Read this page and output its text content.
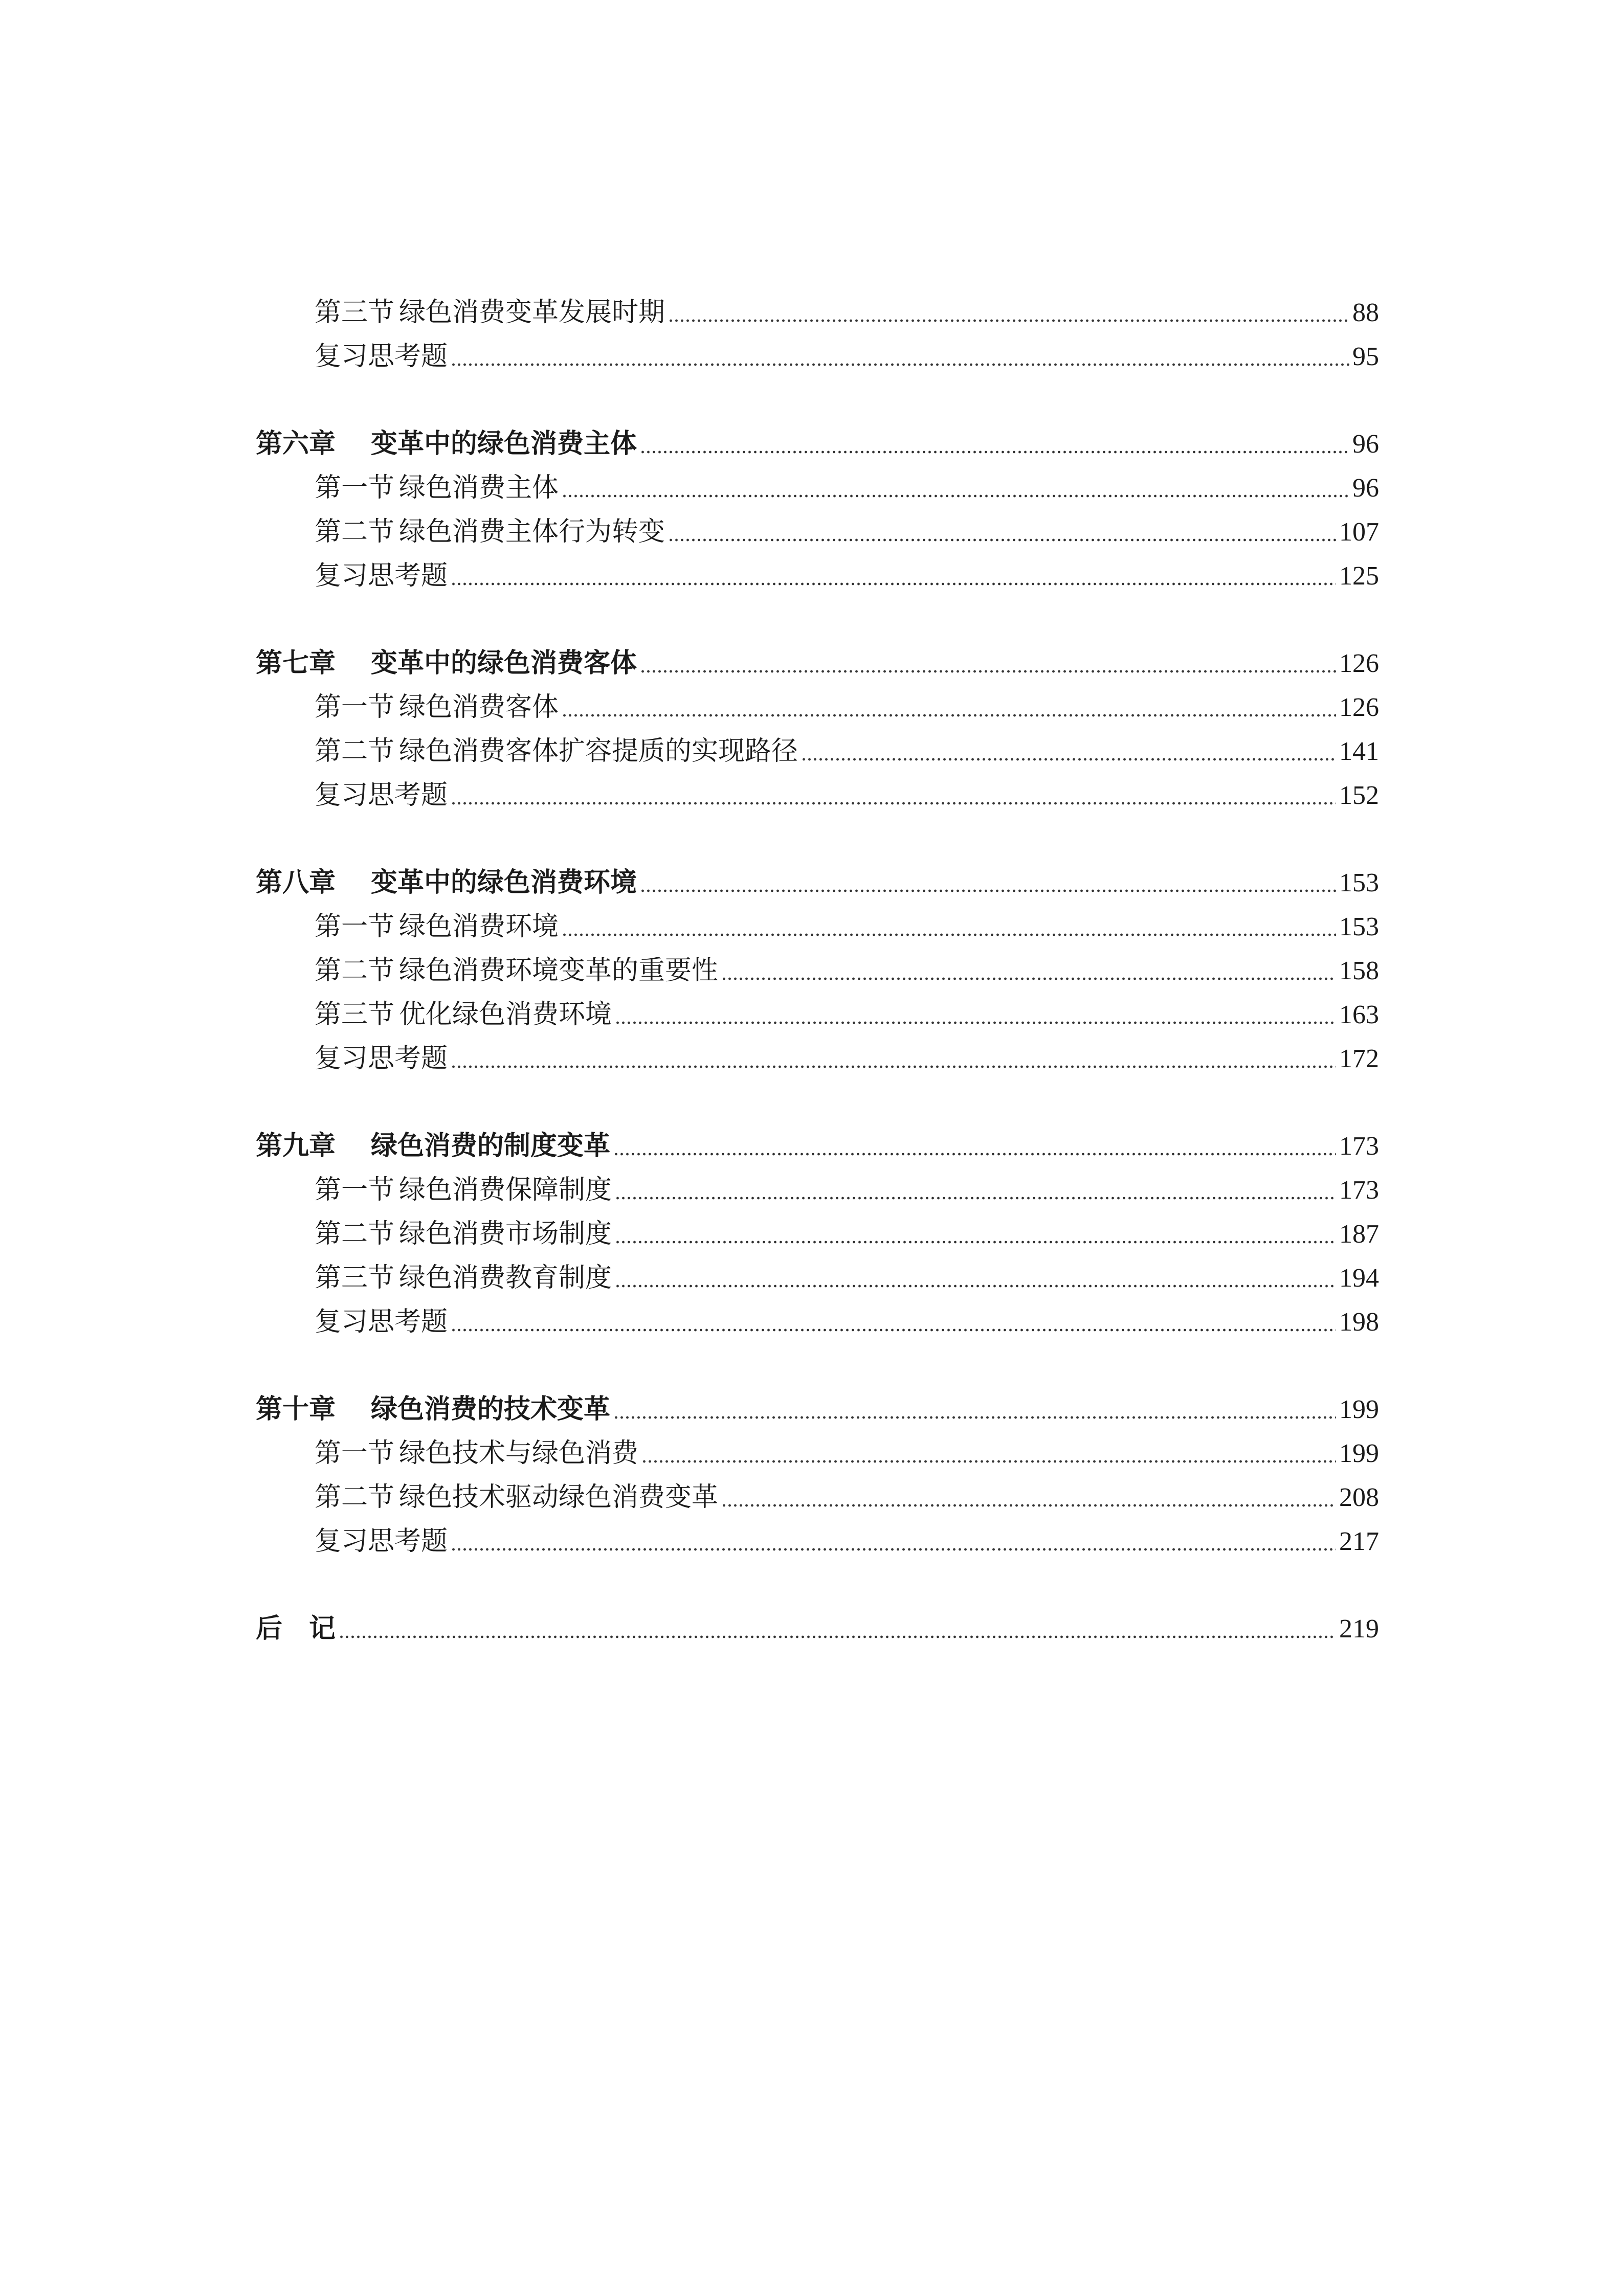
第三节 绿色消费变革发展时期	88
复习思考题	95
第六章 变革中的绿色消费主体	96
第一节 绿色消费主体	96
第二节 绿色消费主体行为转变	107
复习思考题	125
第七章 变革中的绿色消费客体	126
第一节 绿色消费客体	126
第二节 绿色消费客体扩容提质的实现路径	141
复习思考题	152
第八章 变革中的绿色消费环境	153
第一节 绿色消费环境	153
第二节 绿色消费环境变革的重要性	158
第三节 优化绿色消费环境	163
复习思考题	172
第九章 绿色消费的制度变革	173
第一节 绿色消费保障制度	173
第二节 绿色消费市场制度	187
第三节 绿色消费教育制度	194
复习思考题	198
第十章 绿色消费的技术变革	199
第一节 绿色技术与绿色消费	199
第二节 绿色技术驱动绿色消费变革	208
复习思考题	217
后　记	219
